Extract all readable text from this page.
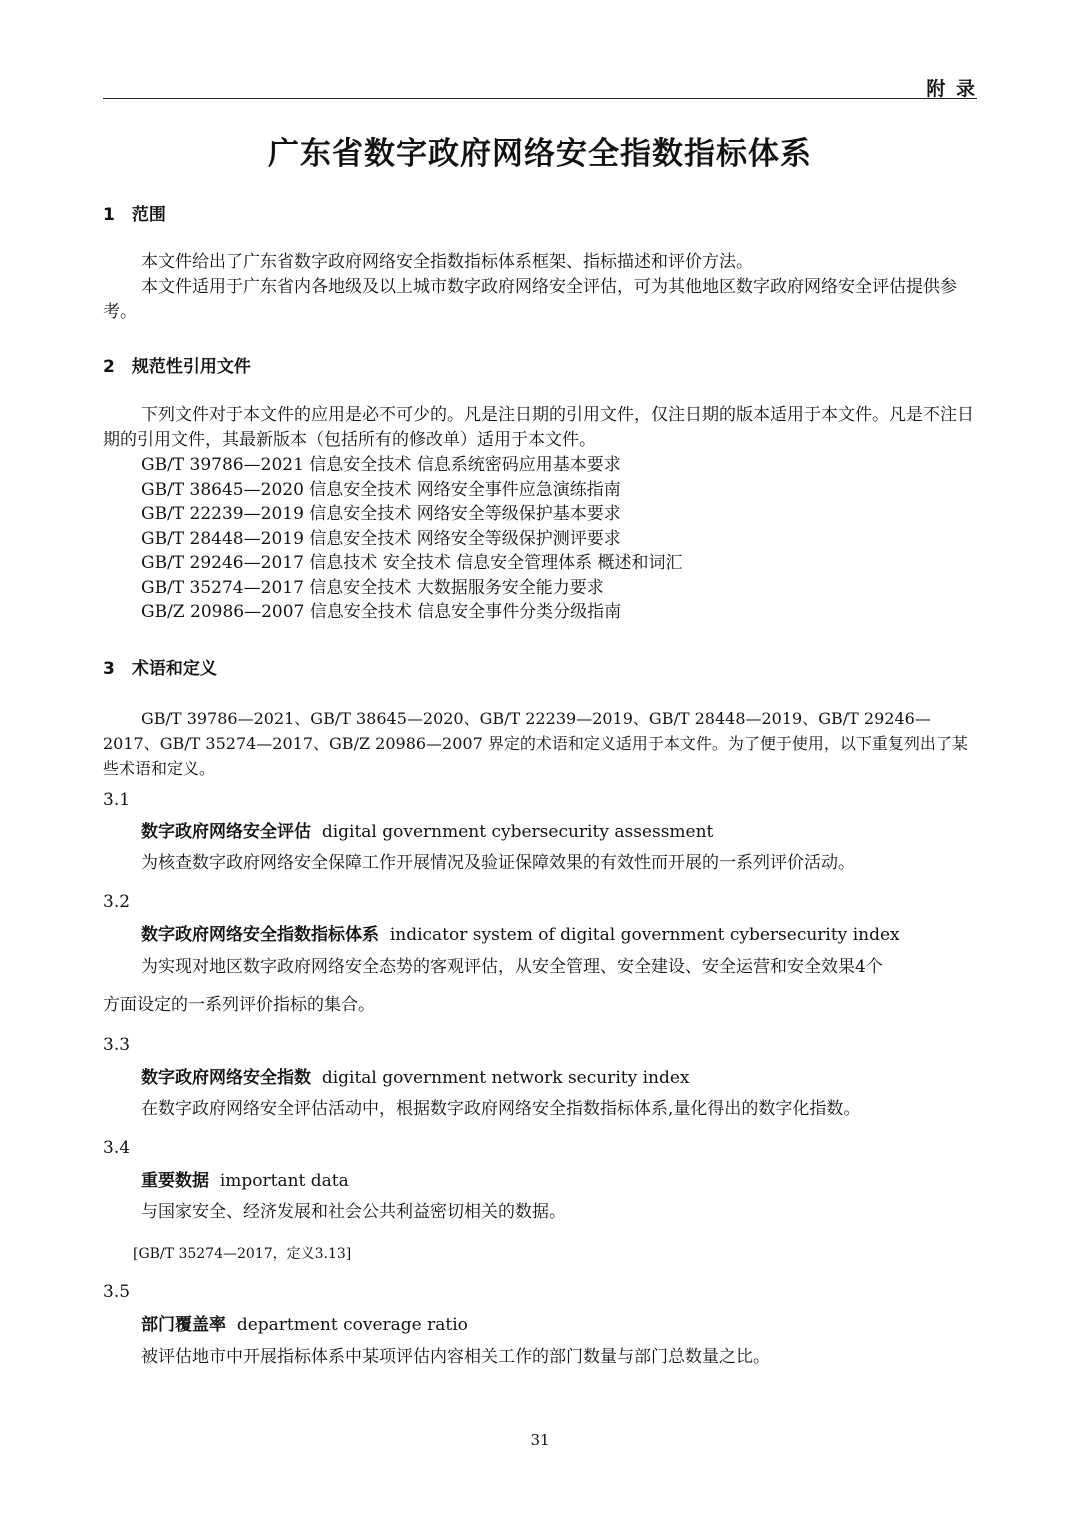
附 录
广东省数字政府网络安全指数指标体系
1　范围
本文件给出了广东省数字政府网络安全指数指标体系框架、指标描述和评价方法。
本文件适用于广东省内各地级及以上城市数字政府网络安全评估，可为其他地区数字政府网络安全评估提供参考。
2　规范性引用文件
下列文件对于本文件的应用是必不可少的。凡是注日期的引用文件，仅注日期的版本适用于本文件。凡是不注日期的引用文件，其最新版本（包括所有的修改单）适用于本文件。
GB/T 39786—2021 信息安全技术 信息系统密码应用基本要求
GB/T 38645—2020 信息安全技术 网络安全事件应急演练指南
GB/T 22239—2019 信息安全技术 网络安全等级保护基本要求
GB/T 28448—2019 信息安全技术 网络安全等级保护测评要求
GB/T 29246—2017 信息技术 安全技术 信息安全管理体系 概述和词汇
GB/T 35274—2017 信息安全技术 大数据服务安全能力要求
GB/Z 20986—2007 信息安全技术 信息安全事件分类分级指南
3　术语和定义
GB/T 39786—2021、GB/T 38645—2020、GB/T 22239—2019、GB/T 28448—2019、GB/T 29246—2017、GB/T 35274—2017、GB/Z 20986—2007 界定的术语和定义适用于本文件。为了便于使用，以下重复列出了某些术语和定义。
3.1
数字政府网络安全评估 digital government cybersecurity assessment
为核查数字政府网络安全保障工作开展情况及验证保障效果的有效性而开展的一系列评价活动。
3.2
数字政府网络安全指数指标体系 indicator system of digital government cybersecurity index
为实现对地区数字政府网络安全态势的客观评估，从安全管理、安全建设、安全运营和安全效果4个
方面设定的一系列评价指标的集合。
3.3
数字政府网络安全指数 digital government network security index
在数字政府网络安全评估活动中，根据数字政府网络安全指数指标体系,量化得出的数字化指数。
3.4
重要数据 important data
与国家安全、经济发展和社会公共利益密切相关的数据。
[GB/T 35274—2017，定义3.13]
3.5
部门覆盖率 department coverage ratio
被评估地市中开展指标体系中某项评估内容相关工作的部门数量与部门总数量之比。
31
